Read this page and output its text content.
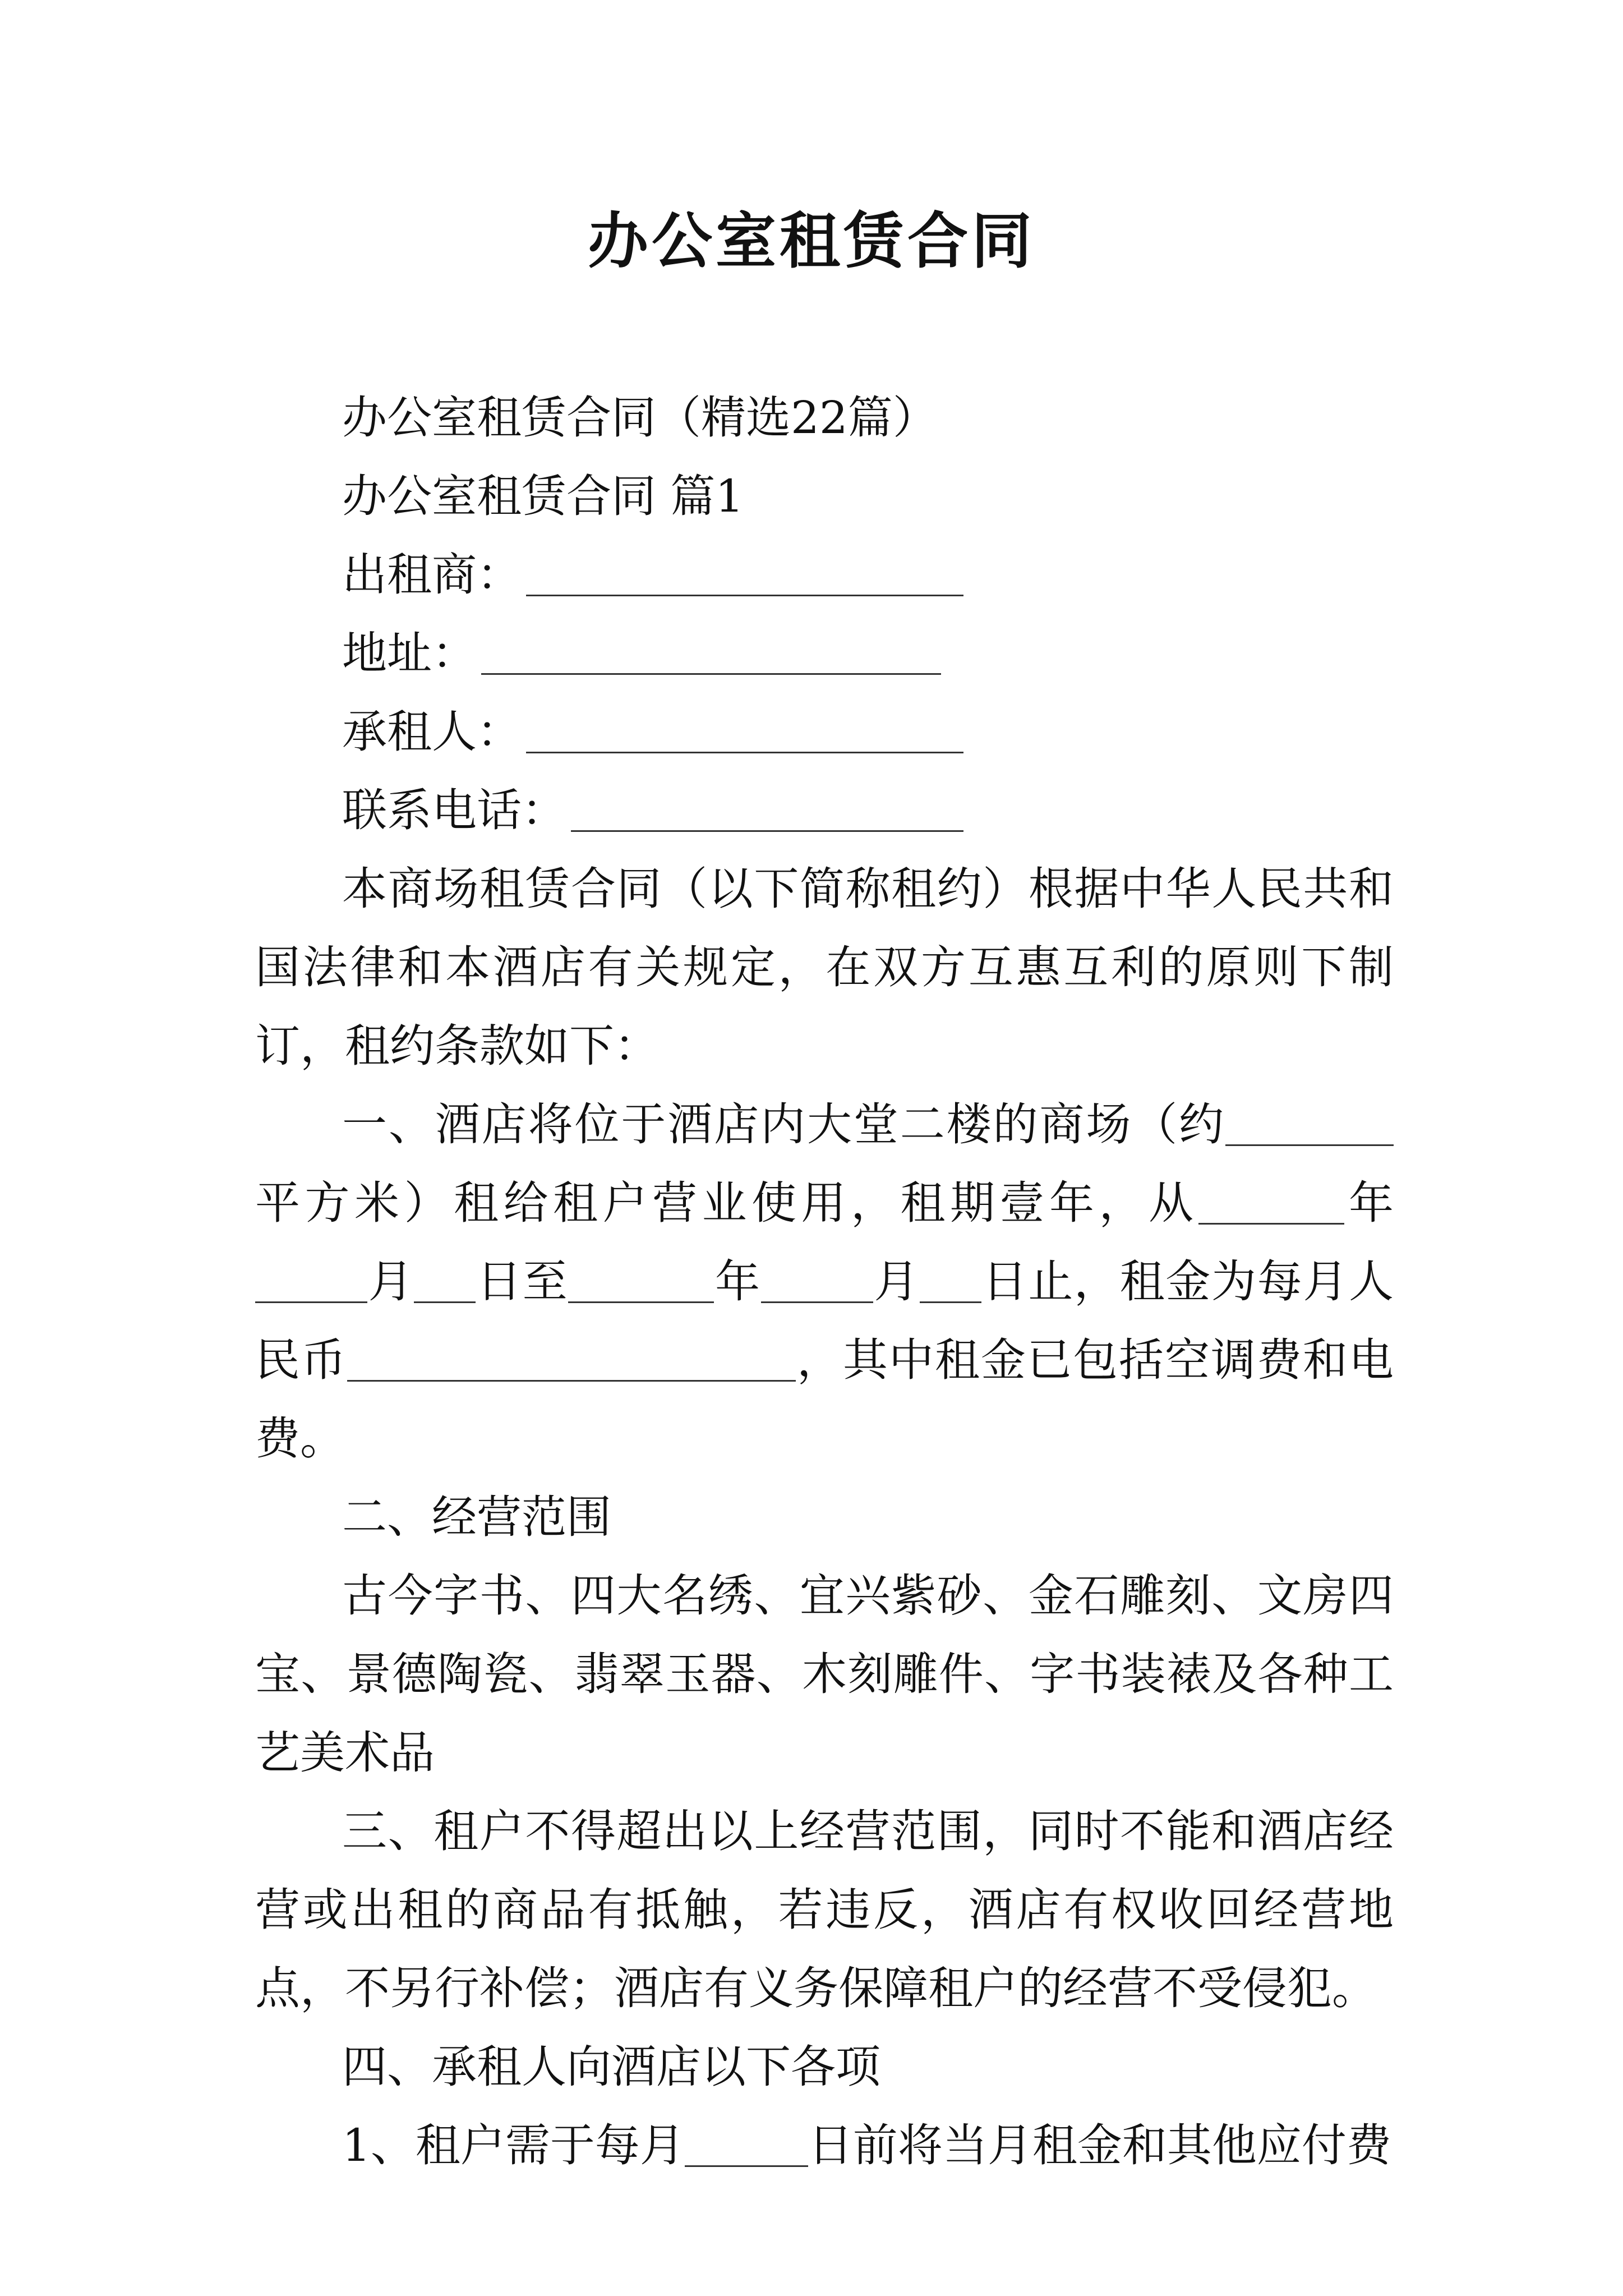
办公室租赁合同

办公室租赁合同（精选22篇）

办公室租赁合同 篇1

出租商：

地址：

承租人：

联系电话：

本商场租赁合同（以下简称租约）根据中华人民共和国法律和本酒店有关规定，在双方互惠互利的原则下制订，租约条款如下：

一、酒店将位于酒店内大堂二楼的商场（约平方米）租给租户营业使用，租期壹年，从	年月 日至	年	月 日止，租金为每月人民币	，其中租金已包括空调费和电费。

二、经营范围

古今字书、四大名绣、宜兴紫砂、金石雕刻、文房四宝、景德陶瓷、翡翠玉器、木刻雕件、字书装裱及各种工艺美术品

三、租户不得超出以上经营范围，同时不能和酒店经营或出租的商品有抵触，若违反，酒店有权收回经营地点，不另行补偿；酒店有义务保障租户的经营不受侵犯。

四、承租人向酒店以下各项

1、租户需于每月	日前将当月租金和其他应付费
